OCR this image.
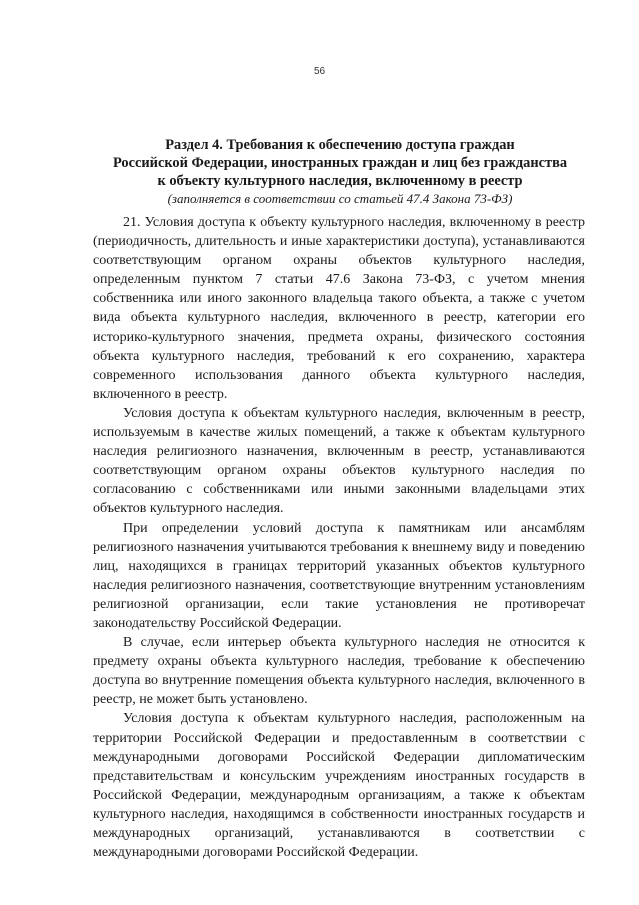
56

Раздел 4. Требования к обеспечению доступа граждан

Российской Федерации, иностранных граждан и лиц без гражданства

к объекту культурного наследия, включенному в реестр

(заполняется в соответствии со статьей 47.4 Закона 73-ФЗ)

21. Условия доступа к объекту культурного наследия, включенному в реестр (периодичность, длительность и иные характеристики доступа), устанавливаются соответствующим органом охраны объектов культурного наследия, определенным пунктом 7 статьи 47.6 Закона 73-ФЗ, с учетом мнения собственника или иного законного владельца такого объекта, а также с учетом вида объекта культурного наследия, включенного в реестр, категории его историко-культурного значения, предмета охраны, физического состояния объекта культурного наследия, требований к его сохранению, характера современного использования данного объекта культурного наследия, включенного в реестр.

Условия доступа к объектам культурного наследия, включенным в реестр, используемым в качестве жилых помещений, а также к объектам культурного наследия религиозного назначения, включенным в реестр, устанавливаются соответствующим органом охраны объектов культурного наследия по согласованию с собственниками или иными законными владельцами этих объектов культурного наследия.

При определении условий доступа к памятникам или ансамблям религиозного назначения учитываются требования к внешнему виду и поведению лиц, находящихся в границах территорий указанных объектов культурного наследия религиозного назначения, соответствующие внутренним установлениям религиозной организации, если такие установления не противоречат законодательству Российской Федерации.

В случае, если интерьер объекта культурного наследия не относится к предмету охраны объекта культурного наследия, требование к обеспечению доступа во внутренние помещения объекта культурного наследия, включенного в реестр, не может быть установлено.

Условия доступа к объектам культурного наследия, расположенным на территории Российской Федерации и предоставленным в соответствии с международными договорами Российской Федерации дипломатическим представительствам и консульским учреждениям иностранных государств в Российской Федерации, международным организациям, а также к объектам культурного наследия, находящимся в собственности иностранных государств и международных организаций, устанавливаются в соответствии с международными договорами Российской Федерации.
